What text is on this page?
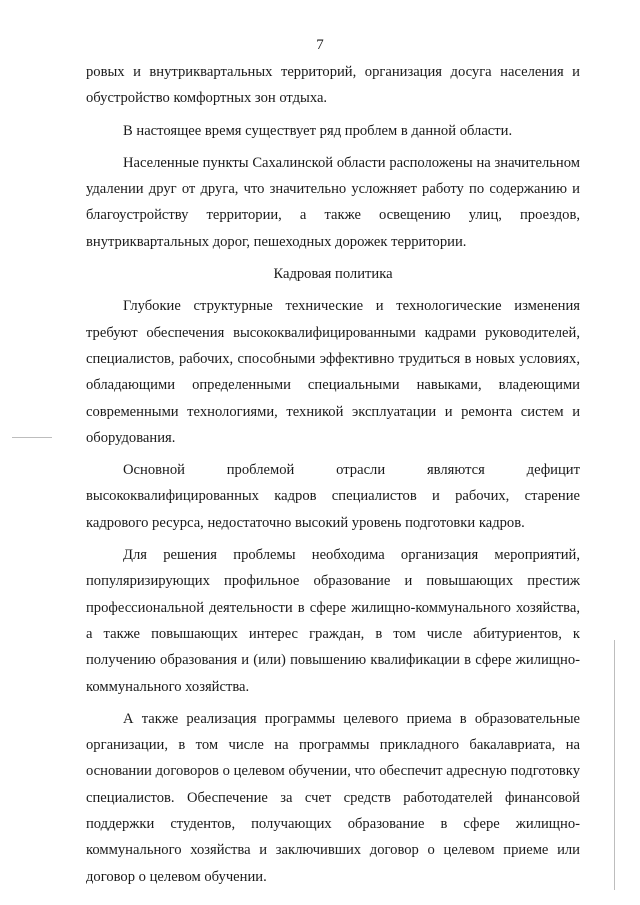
7

ровых и внутриквартальных территорий, организация досуга населения и обустройство комфортных зон отдыха.

В настоящее время существует ряд проблем в данной области.

Населенные пункты Сахалинской области расположены на значительном удалении друг от друга, что значительно усложняет работу по содержанию и благоустройству территории, а также освещению улиц, проездов, внутриквартальных дорог, пешеходных дорожек территории.

Кадровая политика

Глубокие структурные технические и технологические изменения требуют обеспечения высококвалифицированными кадрами руководителей, специалистов, рабочих, способными эффективно трудиться в новых условиях, обладающими определенными специальными навыками, владеющими современными технологиями, техникой эксплуатации и ремонта систем и оборудования.

Основной проблемой отрасли являются дефицит высококвалифицированных кадров специалистов и рабочих, старение кадрового ресурса, недостаточно высокий уровень подготовки кадров.

Для решения проблемы необходима организация мероприятий, популяризирующих профильное образование и повышающих престиж профессиональной деятельности в сфере жилищно-коммунального хозяйства, а также повышающих интерес граждан, в том числе абитуриентов, к получению образования и (или) повышению квалификации в сфере жилищно-коммунального хозяйства.

А также реализация программы целевого приема в образовательные организации, в том числе на программы прикладного бакалавриата, на основании договоров о целевом обучении, что обеспечит адресную подготовку специалистов. Обеспечение за счет средств работодателей финансовой поддержки студентов, получающих образование в сфере жилищно-коммунального хозяйства и заключивших договор о целевом приеме или договор о целевом обучении.
